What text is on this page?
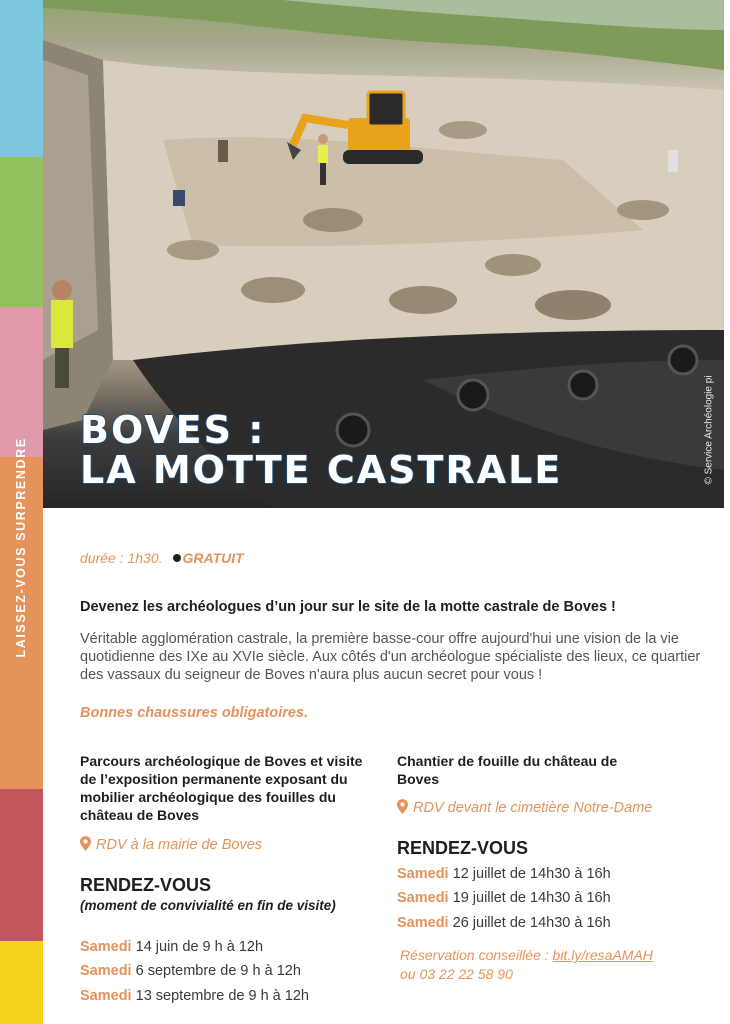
BOVES :
LA MOTTE CASTRALE	© Service Archéologie pi
durée : 1h30. GRATUIT
Devenez les archéologues d’un jour sur le site de la motte castrale de Boves !
Véritable agglomération castrale, la première basse-cour offre aujourd'hui une vision de la vie quotidienne des IXe au XVIe siècle. Aux côtés d'un archéologue spécialiste des lieux, ce quartier des vassaux du seigneur de Boves n'aura plus aucun secret pour vous !
Bonnes chaussures obligatoires.
Parcours archéologique de Boves et visite de l’exposition permanente exposant du mobilier archéologique des fouilles du château de Boves
RDV à la mairie de Boves
RENDEZ-VOUS
(moment de convivialité en fin de visite)
Samedi 14 juin de 9 h à 12h
Samedi 6 septembre de 9 h à 12h
Samedi 13 septembre de 9 h à 12h
Chantier de fouille du château de Boves
RDV devant le cimetière Notre-Dame
RENDEZ-VOUS
Samedi 12 juillet de 14h30 à 16h
Samedi 19 juillet de 14h30 à 16h
Samedi 26 juillet de 14h30 à 16h
Réservation conseillée : bit.ly/resaAMAH
ou 03 22 22 58 90
